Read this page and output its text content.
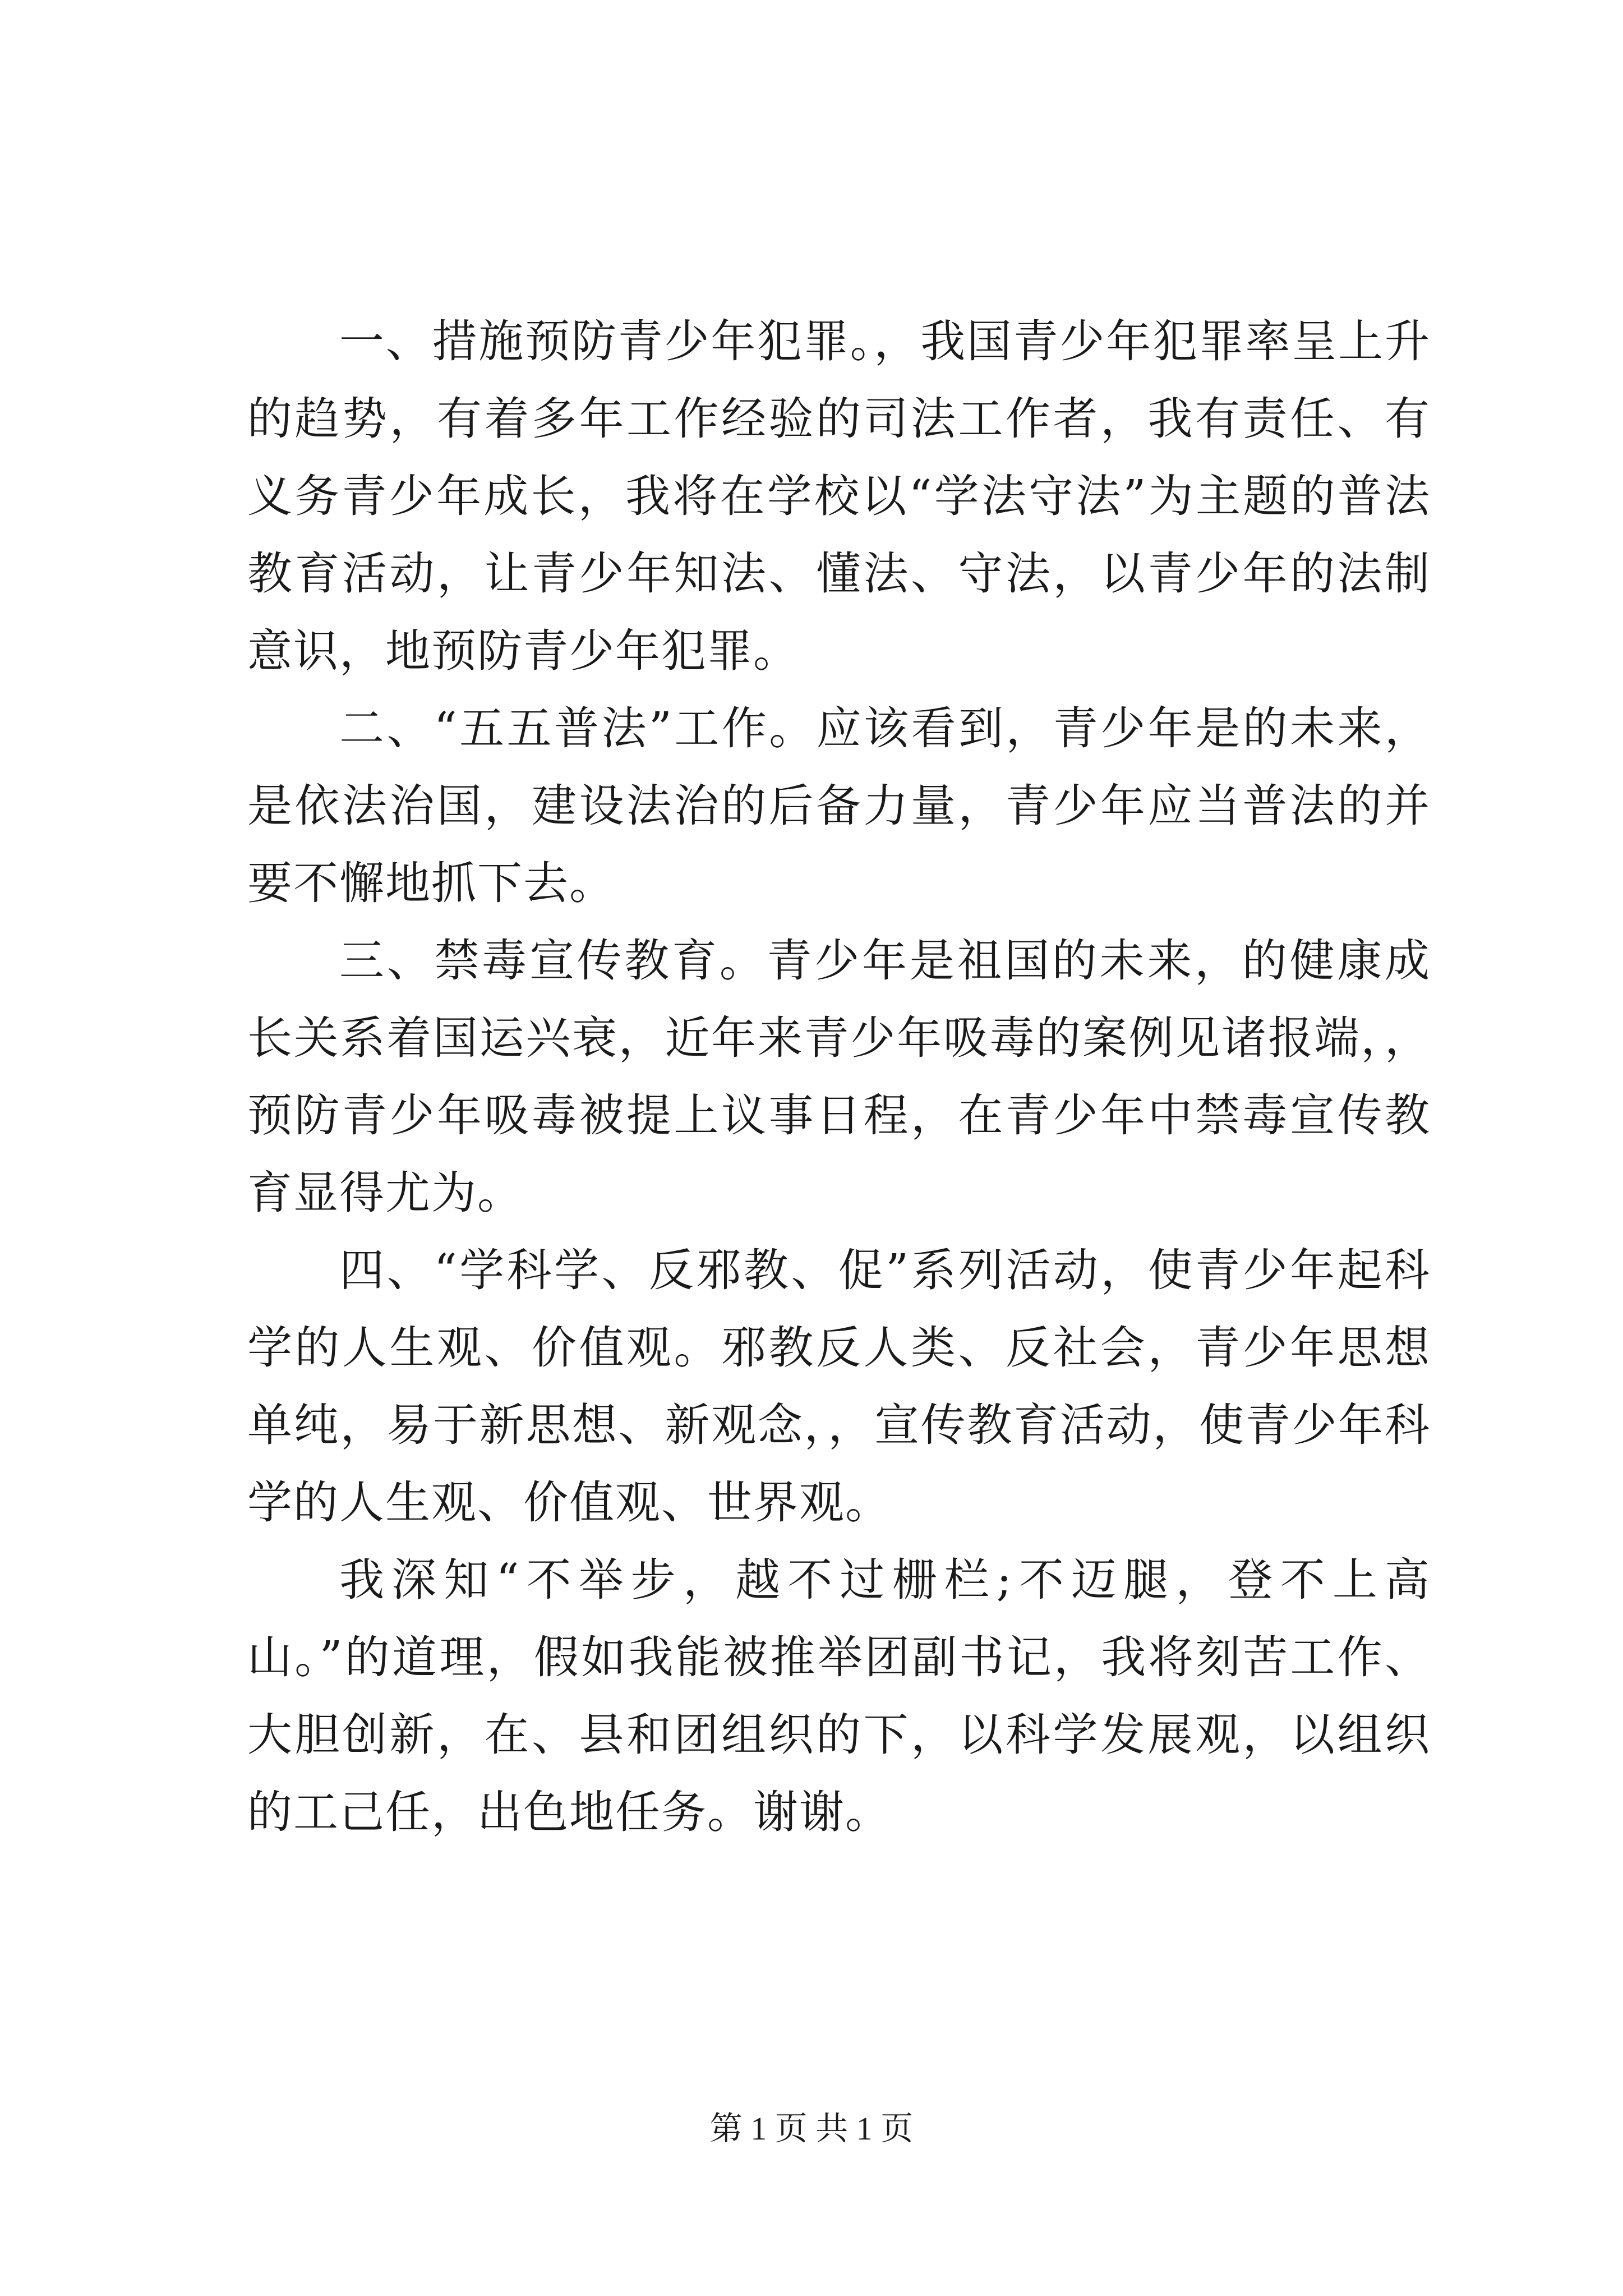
一、措施预防青少年犯罪。，我国青少年犯罪率呈上升的趋势，有着多年工作经验的司法工作者，我有责任、有义务青少年成长，我将在学校以“学法守法”为主题的普法教育活动，让青少年知法、懂法、守法，以青少年的法制意识，地预防青少年犯罪。

二、“五五普法”工作。应该看到，青少年是的未来，是依法治国，建设法治的后备力量，青少年应当普法的并要不懈地抓下去。

三、禁毒宣传教育。青少年是祖国的未来，的健康成长关系着国运兴衰，近年来青少年吸毒的案例见诸报端，，预防青少年吸毒被提上议事日程，在青少年中禁毒宣传教育显得尤为。

四、“学科学、反邪教、促”系列活动，使青少年起科学的人生观、价值观。邪教反人类、反社会，青少年思想单纯，易于新思想、新观念，，宣传教育活动，使青少年科学的人生观、价值观、世界观。

我深知“不举步，越不过栅栏;不迈腿，登不上高山。”的道理，假如我能被推举团副书记，我将刻苦工作、大胆创新，在、县和团组织的下，以科学发展观，以组织的工己任，出色地任务。谢谢。

第 1 页 共 1 页
